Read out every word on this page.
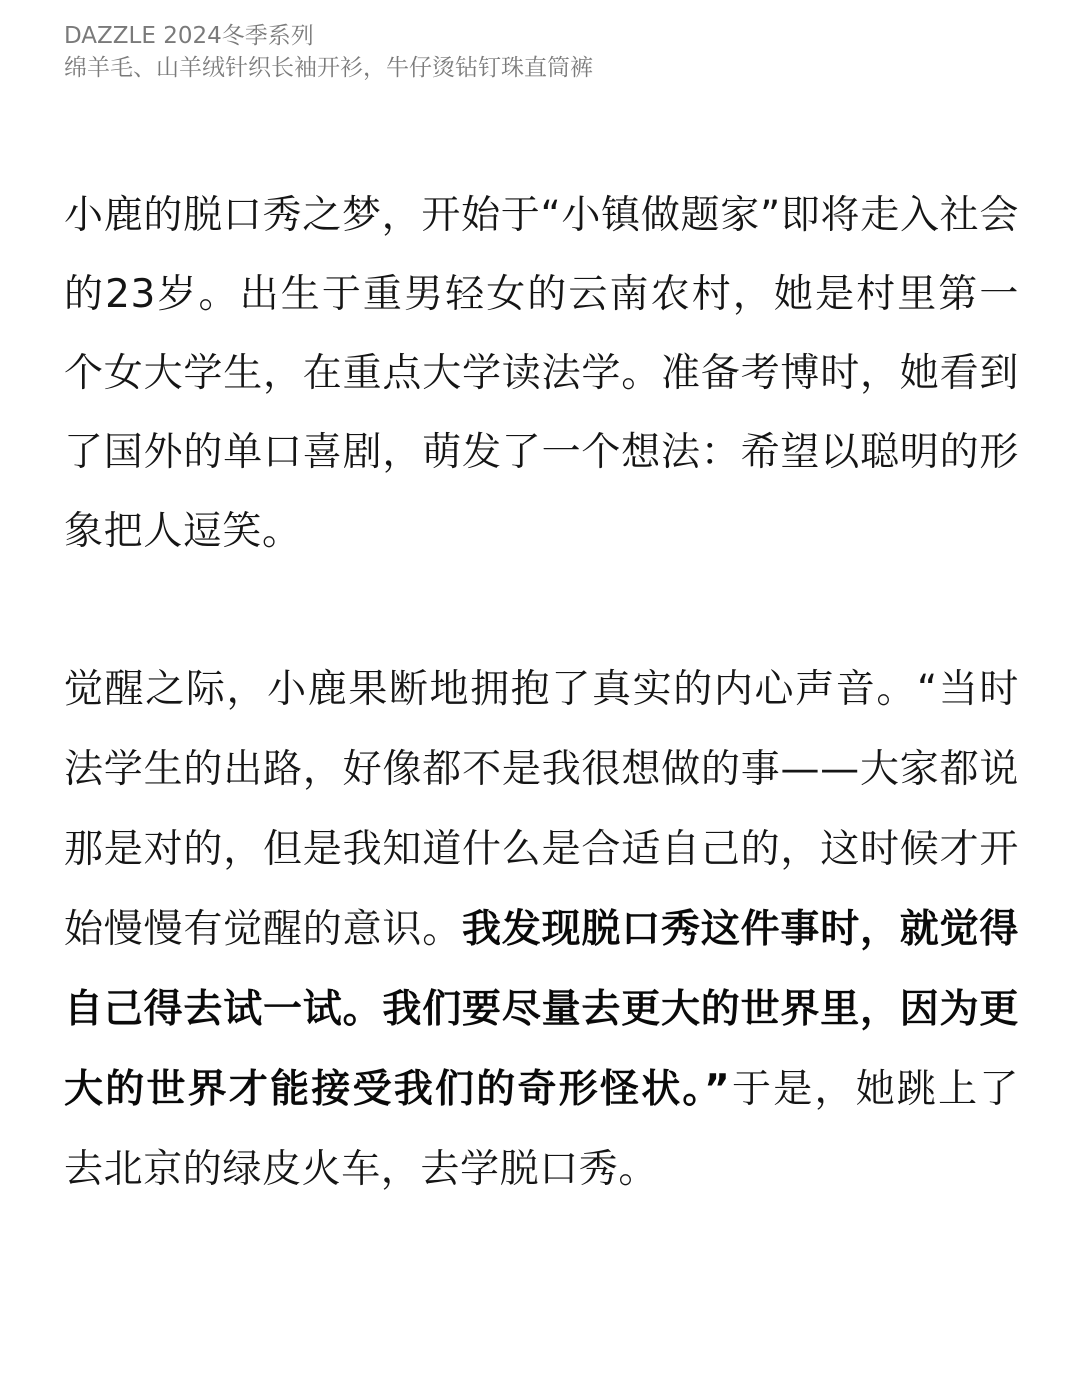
DAZZLE 2024冬季系列
绵羊毛、山羊绒针织长袖开衫，牛仔烫钻钉珠直筒裤

小鹿的脱口秀之梦，开始于“小镇做题家”即将走入社会的23岁。出生于重男轻女的云南农村，她是村里第一个女大学生，在重点大学读法学。准备考博时，她看到了国外的单口喜剧，萌发了一个想法：希望以聪明的形象把人逗笑。

觉醒之际，小鹿果断地拥抱了真实的内心声音。“当时法学生的出路，好像都不是我很想做的事——大家都说那是对的，但是我知道什么是合适自己的，这时候才开始慢慢有觉醒的意识。我发现脱口秀这件事时，就觉得自己得去试一试。我们要尽量去更大的世界里，因为更大的世界才能接受我们的奇形怪状。”于是，她跳上了去北京的绿皮火车，去学脱口秀。
